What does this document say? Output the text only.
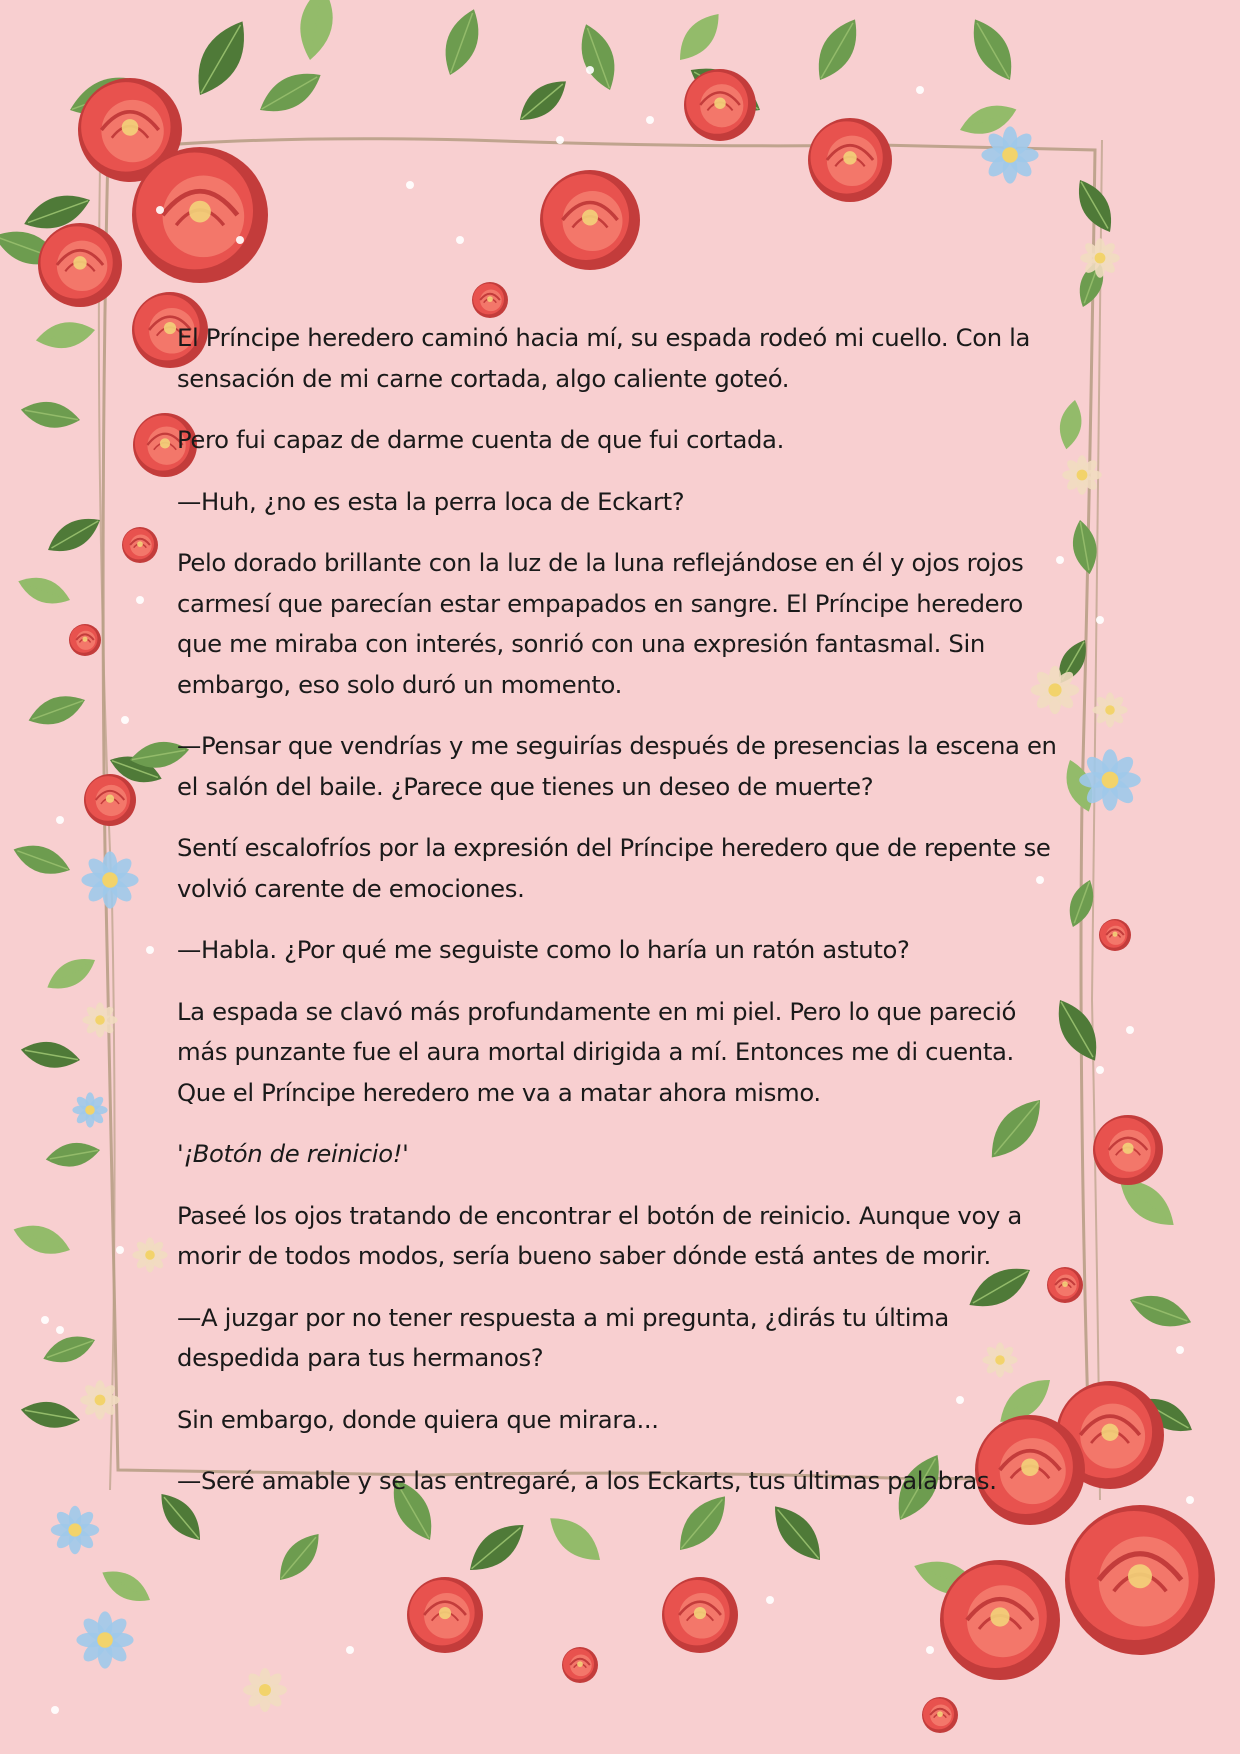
El Príncipe heredero caminó hacia mí, su espada rodeó mi cuello. Con la sensación de mi carne cortada, algo caliente goteó.

Pero fui capaz de darme cuenta de que fui cortada.

—Huh, ¿no es esta la perra loca de Eckart?

Pelo dorado brillante con la luz de la luna reflejándose en él y ojos rojos carmesí que parecían estar empapados en sangre. El Príncipe heredero que me miraba con interés, sonrió con una expresión fantasmal. Sin embargo, eso solo duró un momento.

—Pensar que vendrías y me seguirías después de presencias la escena en el salón del baile. ¿Parece que tienes un deseo de muerte?

Sentí escalofríos por la expresión del Príncipe heredero que de repente se volvió carente de emociones.

—Habla. ¿Por qué me seguiste como lo haría un ratón astuto?

La espada se clavó más profundamente en mi piel. Pero lo que pareció más punzante fue el aura mortal dirigida a mí. Entonces me di cuenta. Que el Príncipe heredero me va a matar ahora mismo.

'¡Botón de reinicio!'

Paseé los ojos tratando de encontrar el botón de reinicio. Aunque voy a morir de todos modos, sería bueno saber dónde está antes de morir.

—A juzgar por no tener respuesta a mi pregunta, ¿dirás tu última despedida para tus hermanos?

Sin embargo, donde quiera que mirara...

—Seré amable y se las entregaré, a los Eckarts, tus últimas palabras.
